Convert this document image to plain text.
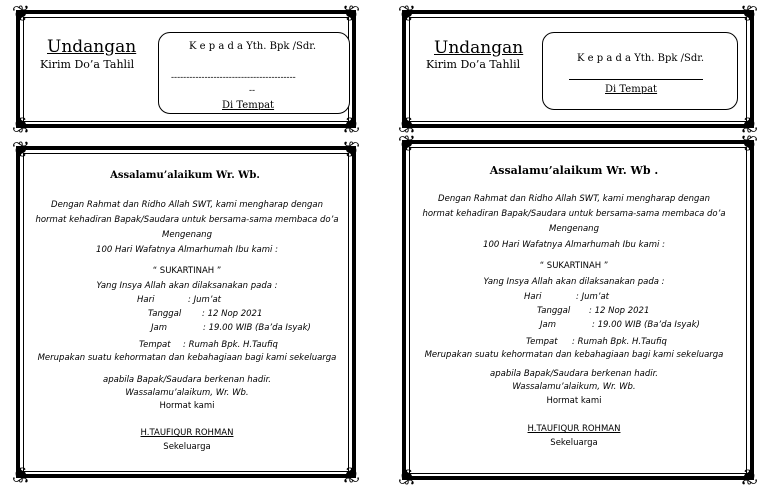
❦	❦
❦	❦
Undangan
Kirim Do’a Tahlil
K e p a d a Yth. Bpk /Sdr.
-----------------------------------------
--
Di Tempat
❦	❦
❦	❦
Undangan
Kirim Do’a Tahlil	K e p a d a Yth. Bpk /Sdr.
Di Tempat
❦	❦
❦	❦
Assalamu’alaikum Wr. Wb.
Dengan Rahmat dan Ridho Allah SWT, kami mengharap dengan
hormat kehadiran Bapak/Saudara untuk bersama-sama membaca do’a
Mengenang
100 Hari Wafatnya Almarhumah Ibu kami :
“ SUKARTINAH ”
Yang Insya Allah akan dilaksanakan pada :
Hari	: Jum’at
Tanggal : 12 Nop 2021
Jam	: 19.00 WIB (Ba’da Isyak)
Tempat : Rumah Bpk. H.Taufiq
Merupakan suatu kehormatan dan kebahagiaan bagi kami sekeluarga
apabila Bapak/Saudara berkenan hadir.
Wassalamu’alaikum, Wr. Wb.
Hormat kami
H.TAUFIQUR ROHMAN
Sekeluarga
❦	❦
❦	❦
Assalamu’alaikum Wr. Wb .
Dengan Rahmat dan Ridho Allah SWT, kami mengharap dengan
hormat kehadiran Bapak/Saudara untuk bersama-sama membaca do’a
Mengenang
100 Hari Wafatnya Almarhumah Ibu kami :
“ SUKARTINAH ”
Yang Insya Allah akan dilaksanakan pada :
Hari	: Jum’at
Tanggal : 12 Nop 2021
Jam	: 19.00 WIB (Ba’da Isyak)
Tempat : Rumah Bpk. H.Taufiq
Merupakan suatu kehormatan dan kebahagiaan bagi kami sekeluarga
apabila Bapak/Saudara berkenan hadir.
Wassalamu’alaikum, Wr. Wb.
Hormat kami
H.TAUFIQUR ROHMAN
Sekeluarga
